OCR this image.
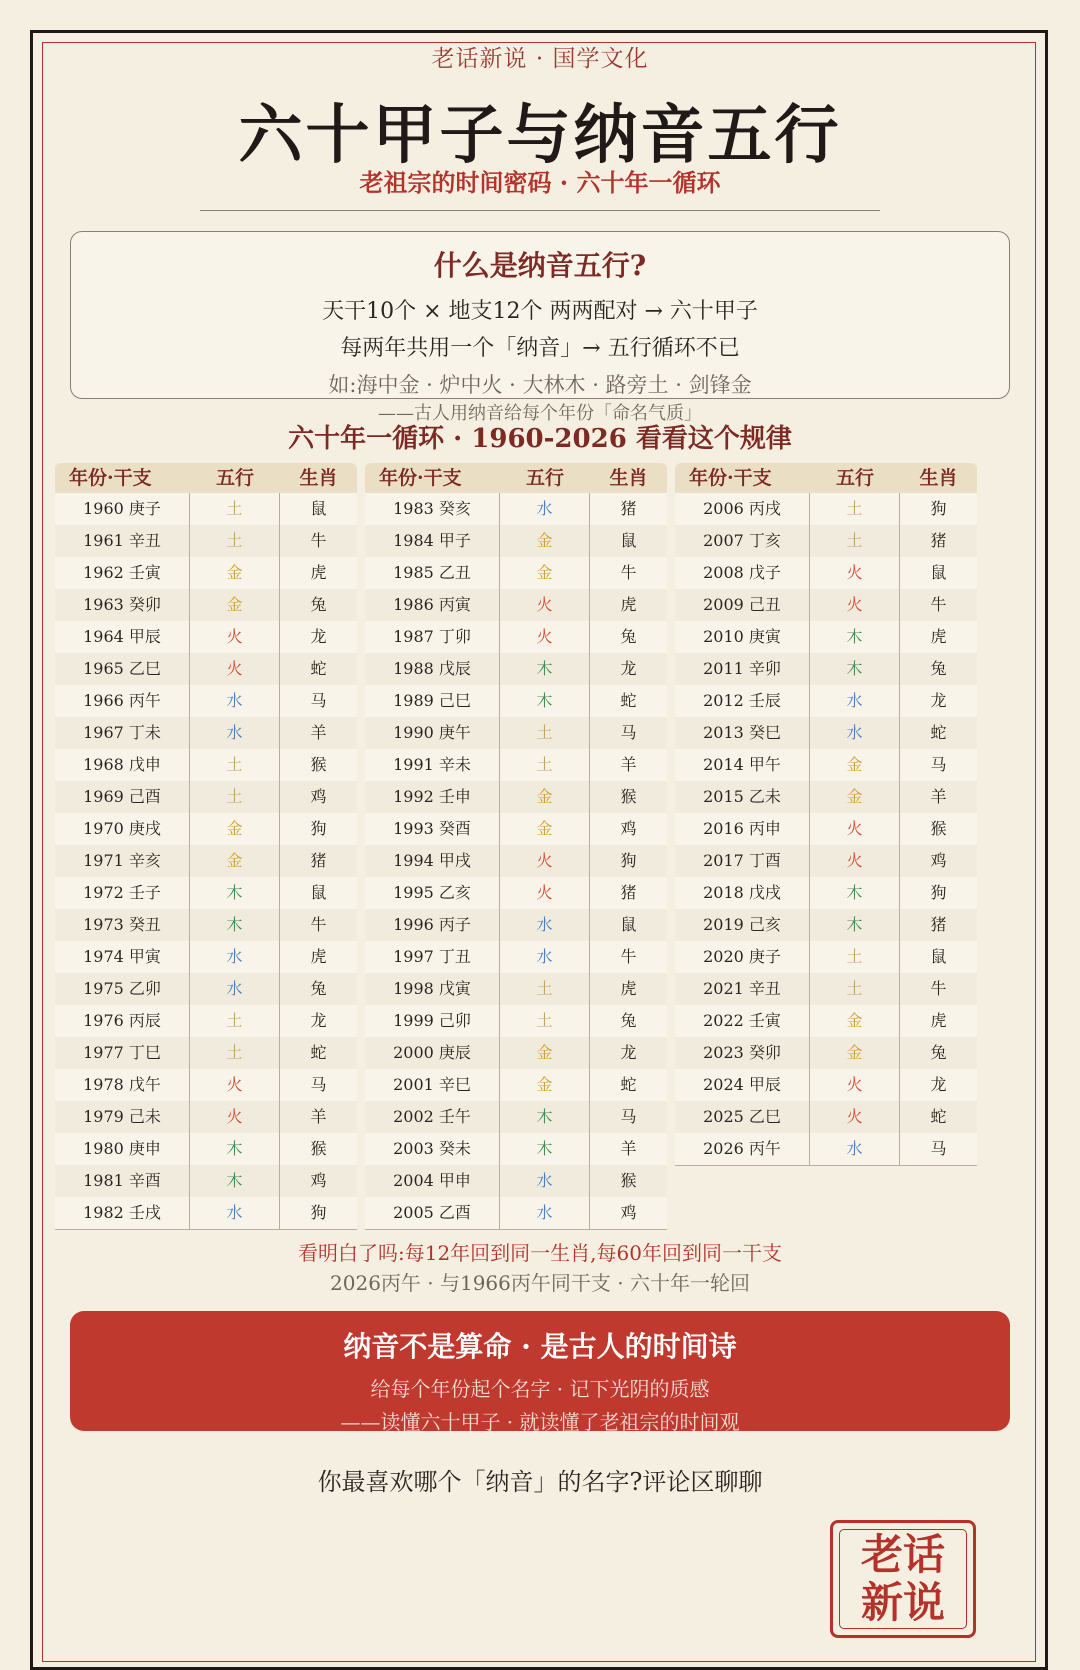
老话新说 · 国学文化
六十甲子与纳音五行
老祖宗的时间密码 · 六十年一循环
什么是纳音五行?
天干10个 × 地支12个 两两配对 → 六十甲子
每两年共用一个「纳音」→ 五行循环不已
如:海中金 · 炉中火 · 大林木 · 路旁土 · 剑锋金
——古人用纳音给每个年份「命名气质」
六十年一循环 · 1960-2026 看看这个规律
年份·干支	五行	生肖
1960 庚子	土	鼠
1961 辛丑	土	牛
1962 壬寅	金	虎
1963 癸卯	金	兔
1964 甲辰	火	龙
1965 乙巳	火	蛇
1966 丙午	水	马
1967 丁未	水	羊
1968 戊申	土	猴
1969 己酉	土	鸡
1970 庚戌	金	狗
1971 辛亥	金	猪
1972 壬子	木	鼠
1973 癸丑	木	牛
1974 甲寅	水	虎
1975 乙卯	水	兔
1976 丙辰	土	龙
1977 丁巳	土	蛇
1978 戊午	火	马
1979 己未	火	羊
1980 庚申	木	猴
1981 辛酉	木	鸡
1982 壬戌	水	狗
年份·干支	五行	生肖
1983 癸亥	水	猪
1984 甲子	金	鼠
1985 乙丑	金	牛
1986 丙寅	火	虎
1987 丁卯	火	兔
1988 戊辰	木	龙
1989 己巳	木	蛇
1990 庚午	土	马
1991 辛未	土	羊
1992 壬申	金	猴
1993 癸酉	金	鸡
1994 甲戌	火	狗
1995 乙亥	火	猪
1996 丙子	水	鼠
1997 丁丑	水	牛
1998 戊寅	土	虎
1999 己卯	土	兔
2000 庚辰	金	龙
2001 辛巳	金	蛇
2002 壬午	木	马
2003 癸未	木	羊
2004 甲申	水	猴
2005 乙酉	水	鸡
年份·干支	五行	生肖
2006 丙戌	土	狗
2007 丁亥	土	猪
2008 戊子	火	鼠
2009 己丑	火	牛
2010 庚寅	木	虎
2011 辛卯	木	兔
2012 壬辰	水	龙
2013 癸巳	水	蛇
2014 甲午	金	马
2015 乙未	金	羊
2016 丙申	火	猴
2017 丁酉	火	鸡
2018 戊戌	木	狗
2019 己亥	木	猪
2020 庚子	土	鼠
2021 辛丑	土	牛
2022 壬寅	金	虎
2023 癸卯	金	兔
2024 甲辰	火	龙
2025 乙巳	火	蛇
2026 丙午	水	马
看明白了吗:每12年回到同一生肖,每60年回到同一干支
2026丙午 · 与1966丙午同干支 · 六十年一轮回
纳音不是算命 · 是古人的时间诗
给每个年份起个名字 · 记下光阴的质感
——读懂六十甲子 · 就读懂了老祖宗的时间观
你最喜欢哪个「纳音」的名字?评论区聊聊
老话
新说
